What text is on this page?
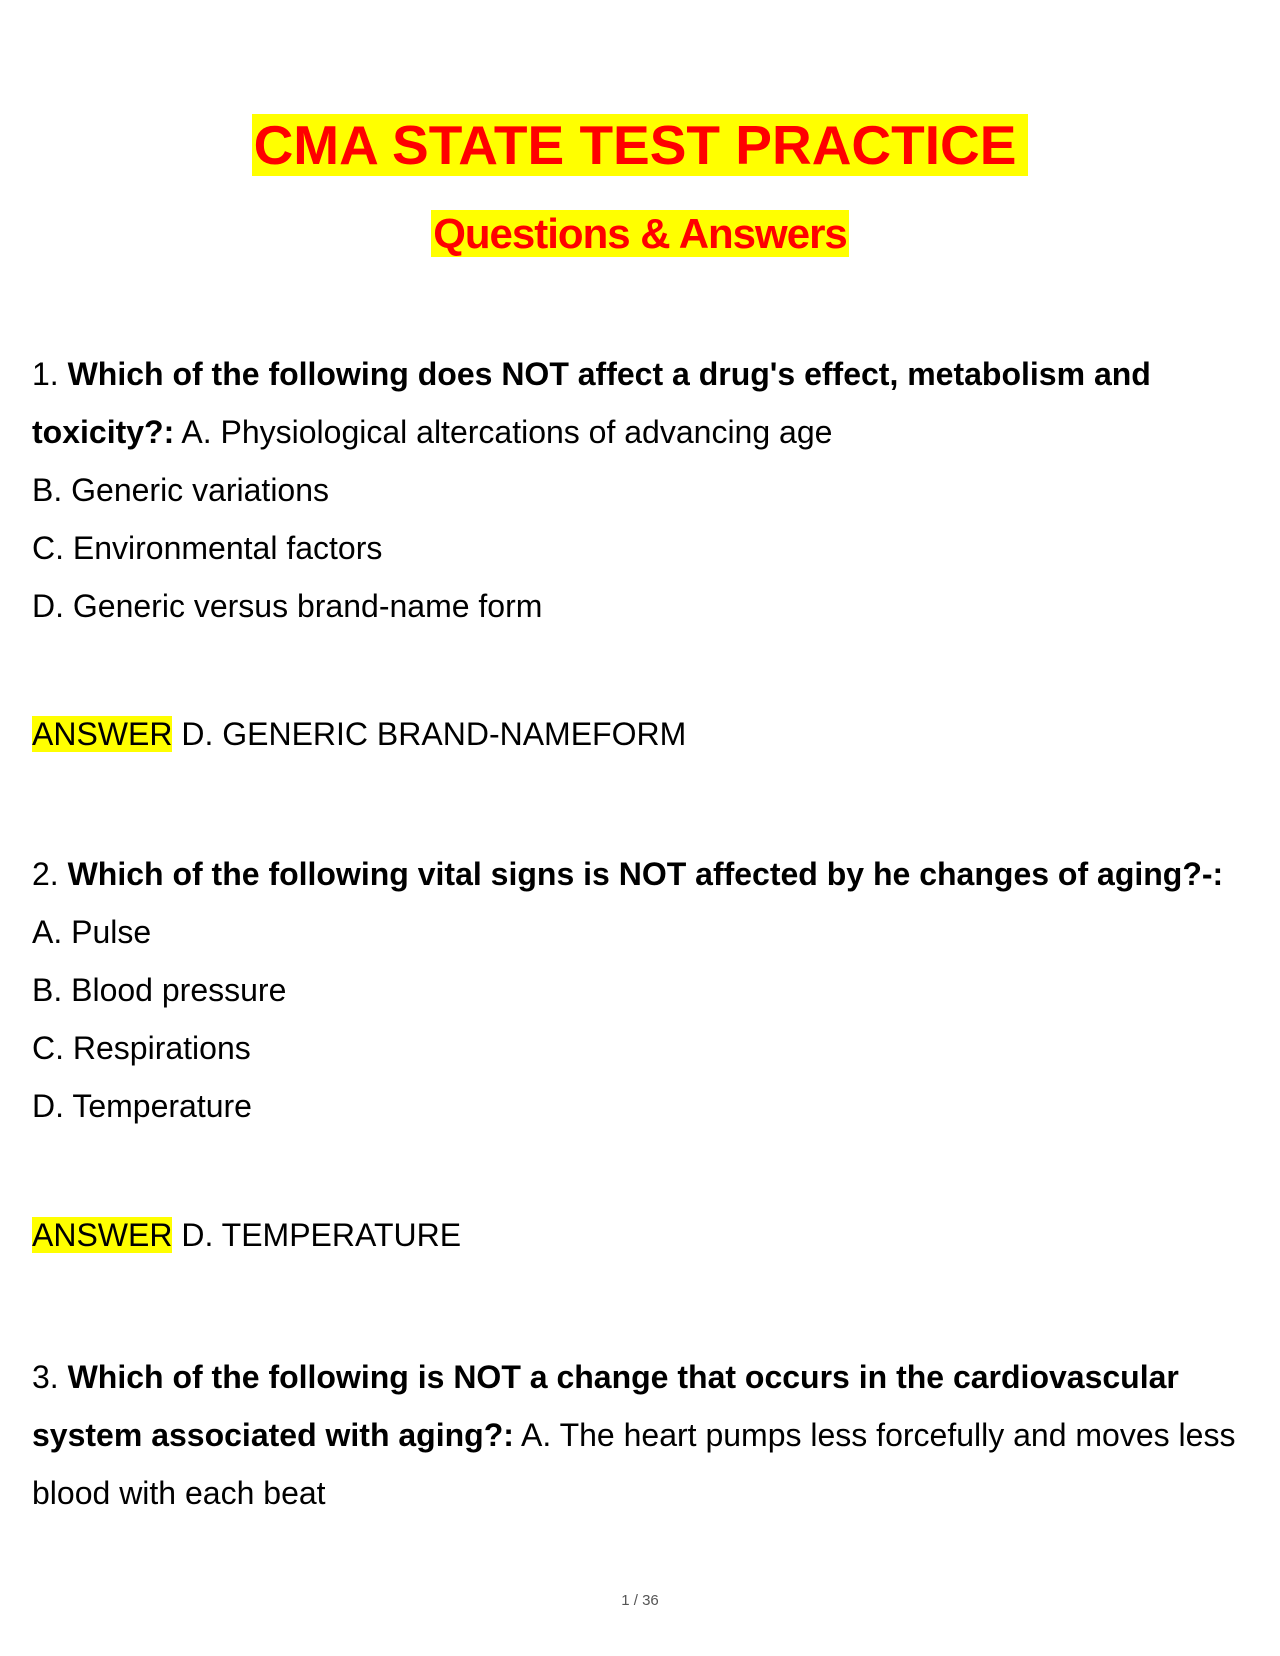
CMA STATE TEST PRACTICE
Questions & Answers

1. Which of the following does NOT affect a drug's effect, metabolism and toxicity?: A. Physiological altercations of advancing age

B. Generic variations

C. Environmental factors

D. Generic versus brand-name form

ANSWER D. GENERIC BRAND-NAMEFORM

2. Which of the following vital signs is NOT affected by he changes of aging?-: A. Pulse

B. Blood pressure

C. Respirations

D. Temperature

ANSWER D. TEMPERATURE

3. Which of the following is NOT a change that occurs in the cardiovascular system associated with aging?: A. The heart pumps less forcefully and moves less blood with each beat

1 / 36
